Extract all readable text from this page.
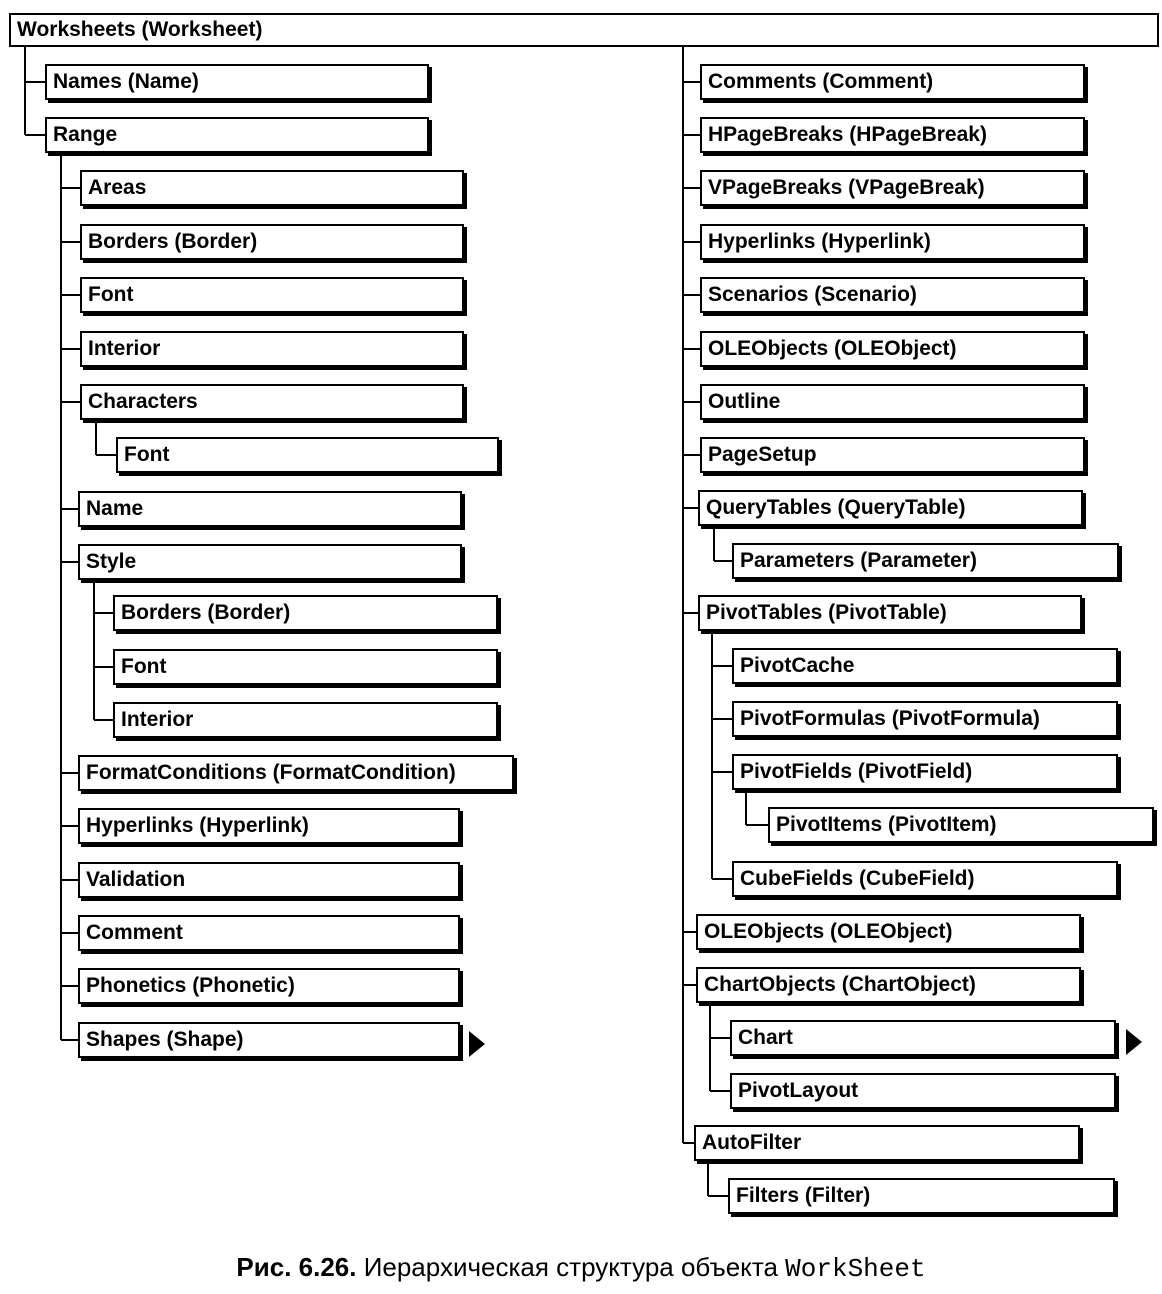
Worksheets (Worksheet)
Names (Name)
Range
Areas
Borders (Border)
Font
Interior
Characters
Font
Name
Style
Borders (Border)
Font
Interior
FormatConditions (FormatCondition)
Hyperlinks (Hyperlink)
Validation
Comment
Phonetics (Phonetic)
Shapes (Shape)
Comments (Comment)
HPageBreaks (HPageBreak)
VPageBreaks (VPageBreak)
Hyperlinks (Hyperlink)
Scenarios (Scenario)
OLEObjects (OLEObject)
Outline
PageSetup
QueryTables (QueryTable)
Parameters (Parameter)
PivotTables (PivotTable)
PivotCache
PivotFormulas (PivotFormula)
PivotFields (PivotField)
PivotItems (PivotItem)
CubeFields (CubeField)
OLEObjects (OLEObject)
ChartObjects (ChartObject)
Chart
PivotLayout
AutoFilter
Filters (Filter)
Рис. 6.26. Иерархическая структура объекта WorkSheet
